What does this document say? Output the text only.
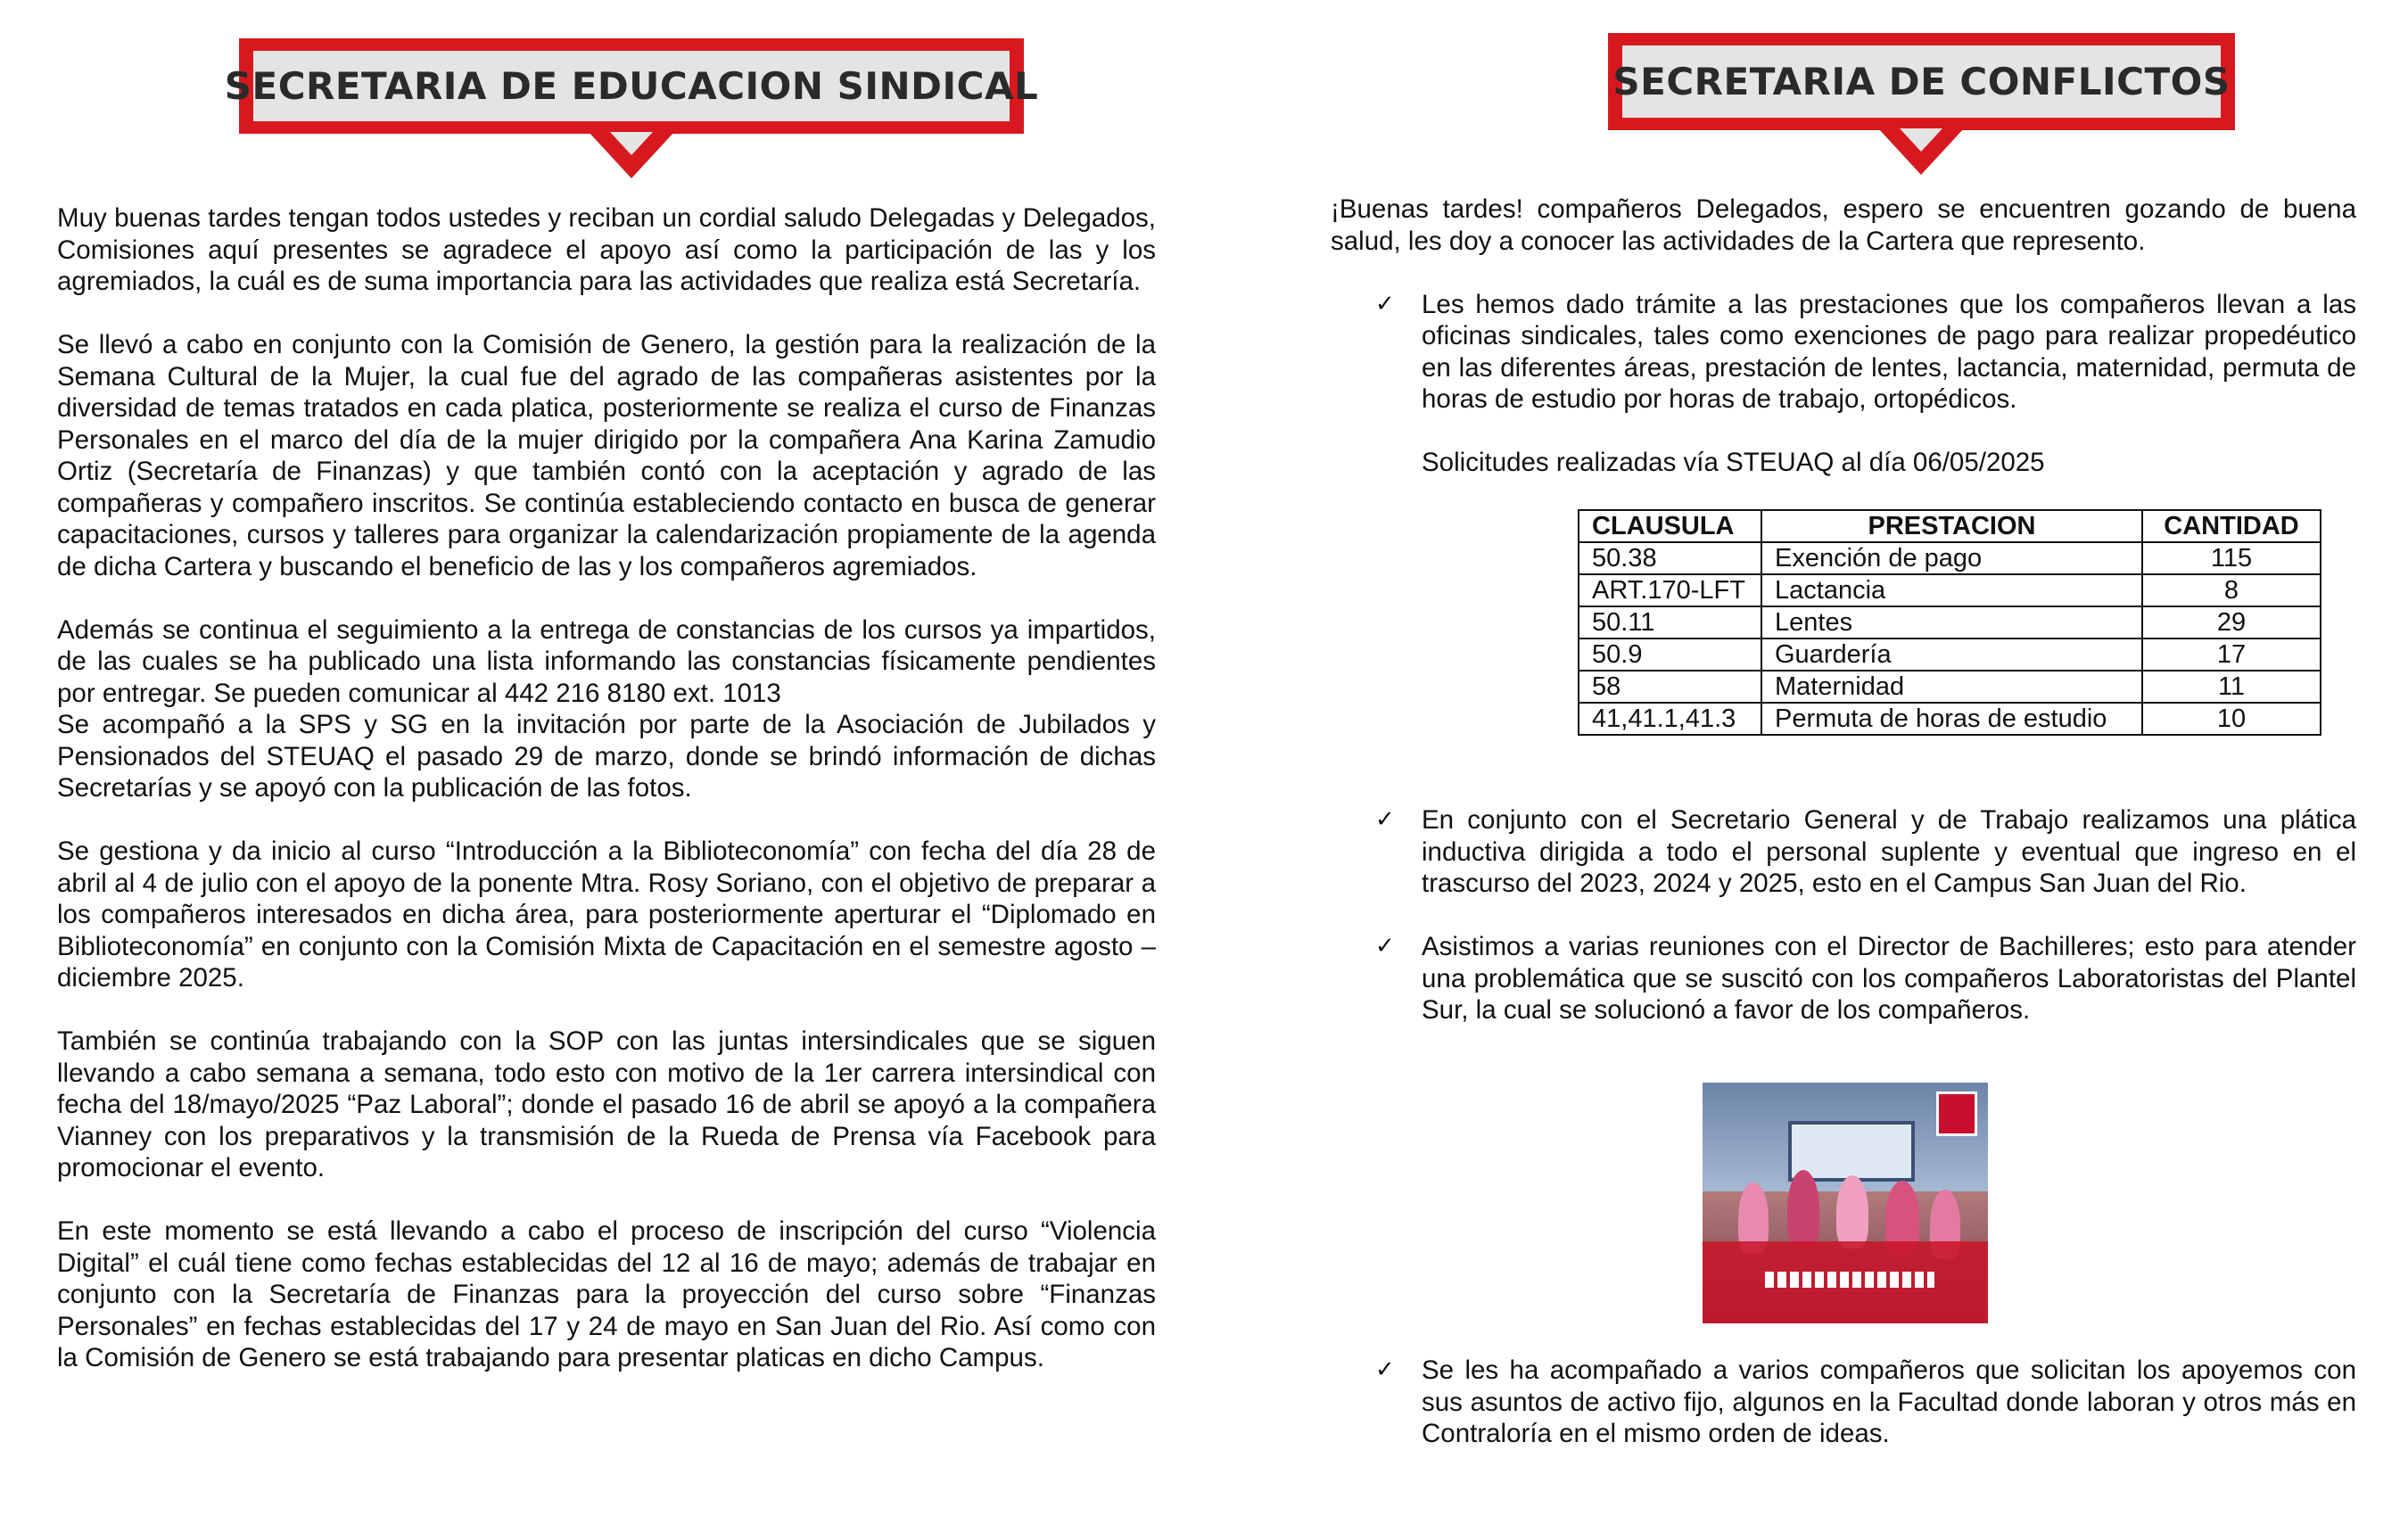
SECRETARIA DE EDUCACION SINDICAL	SECRETARIA DE CONFLICTOS

Muy buenas tardes tengan todos ustedes y reciban un cordial saludo Delegadas y Delegados, Comisiones aquí presentes se agradece el apoyo así como la participación de las y los agremiados, la cuál es de suma importancia para las actividades que realiza está Secretaría.

Se llevó a cabo en conjunto con la Comisión de Genero, la gestión para la realización de la Semana Cultural de la Mujer, la cual fue del agrado de las compañeras asistentes por la diversidad de temas tratados en cada platica, posteriormente se realiza el curso de Finanzas Personales en el marco del día de la mujer dirigido por la compañera Ana Karina Zamudio Ortiz (Secretaría de Finanzas) y que también contó con la aceptación y agrado de las compañeras y compañero inscritos. Se continúa estableciendo contacto en busca de generar capacitaciones, cursos y talleres para organizar la calendarización propiamente de la agenda de dicha Cartera y buscando el beneficio de las y los compañeros agremiados.

Además se continua el seguimiento a la entrega de constancias de los cursos ya impartidos, de las cuales se ha publicado una lista informando las constancias físicamente pendientes por entregar. Se pueden comunicar al 442 216 8180 ext. 1013

Se acompañó a la SPS y SG en la invitación por parte de la Asociación de Jubilados y Pensionados del STEUAQ el pasado 29 de marzo, donde se brindó información de dichas Secretarías y se apoyó con la publicación de las fotos.

Se gestiona y da inicio al curso “Introducción a la Biblioteconomía” con fecha del día 28 de abril al 4 de julio con el apoyo de la ponente Mtra. Rosy Soriano, con el objetivo de preparar a los compañeros interesados en dicha área, para posteriormente aperturar el “Diplomado en Biblioteconomía” en conjunto con la Comisión Mixta de Capacitación en el semestre agosto – diciembre 2025.

También se continúa trabajando con la SOP con las juntas intersindicales que se siguen llevando a cabo semana a semana, todo esto con motivo de la 1er carrera intersindical con fecha del 18/mayo/2025 “Paz Laboral”; donde el pasado 16 de abril se apoyó a la compañera Vianney con los preparativos y la transmisión de la Rueda de Prensa vía Facebook para promocionar el evento.

En este momento se está llevando a cabo el proceso de inscripción del curso “Violencia Digital” el cuál tiene como fechas establecidas del 12 al 16 de mayo; además de trabajar en conjunto con la Secretaría de Finanzas para la proyección del curso sobre “Finanzas Personales” en fechas establecidas del 17 y 24 de mayo en San Juan del Rio. Así como con la Comisión de Genero se está trabajando para presentar platicas en dicho Campus.

¡Buenas tardes! compañeros Delegados, espero se encuentren gozando de buena salud, les doy a conocer las actividades de la Cartera que represento.

✓ Les hemos dado trámite a las prestaciones que los compañeros llevan a las oficinas sindicales, tales como exenciones de pago para realizar propedéutico en las diferentes áreas, prestación de lentes, lactancia, maternidad, permuta de horas de estudio por horas de trabajo, ortopédicos.
Solicitudes realizadas vía STEUAQ al día 06/05/2025
CLAUSULA	PRESTACION	CANTIDAD
50.38	Exención de pago	115
ART.170-LFT	Lactancia	8
50.11	Lentes	29
50.9	Guardería	17
58	Maternidad	11
41,41.1,41.3	Permuta de horas de estudio	10
✓ En conjunto con el Secretario General y de Trabajo realizamos una plática inductiva dirigida a todo el personal suplente y eventual que ingreso en el trascurso del 2023, 2024 y 2025, esto en el Campus San Juan del Rio.
✓ Asistimos a varias reuniones con el Director de Bachilleres; esto para atender una problemática que se suscitó con los compañeros Laboratoristas del Plantel Sur, la cual se solucionó a favor de los compañeros.
✓ Se les ha acompañado a varios compañeros que solicitan los apoyemos con sus asuntos de activo fijo, algunos en la Facultad donde laboran y otros más en Contraloría en el mismo orden de ideas.
